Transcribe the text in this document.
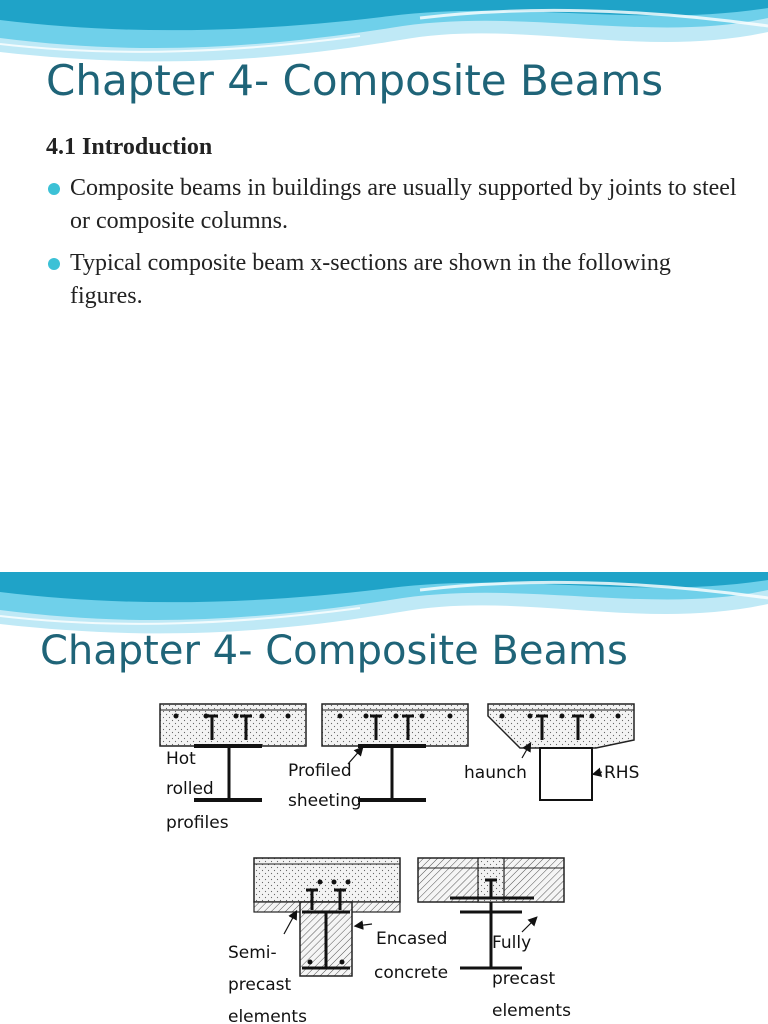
Chapter 4- Composite Beams
4.1 Introduction
Composite beams in buildings are usually supported by joints to steel or composite columns.
Typical composite beam x-sections are shown in the following figures.
Chapter 4- Composite Beams
Hot
rolled
profiles
Profiled
sheeting
haunch	RHS
Semi-
precast
elements
Encased
concrete
Fully
precast
elements
